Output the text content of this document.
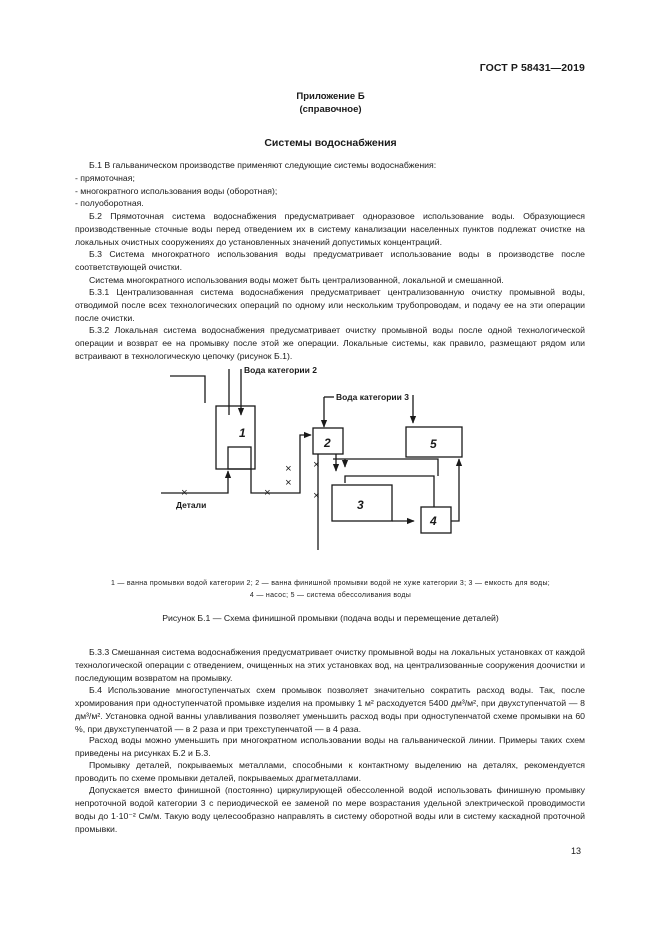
ГОСТ Р 58431—2019
Приложение Б
(справочное)
Системы водоснабжения

Б.1 В гальваническом производстве применяют следующие системы водоснабжения:

- прямоточная;

- многократного использования воды (оборотная);

- полуоборотная.

Б.2 Прямоточная система водоснабжения предусматривает одноразовое использование воды. Образующиеся производственные сточные воды перед отведением их в систему канализации населенных пунктов подлежат очистке на локальных очистных сооружениях до установленных значений допустимых концентраций.

Б.3 Система многократного использования воды предусматривает использование воды в производстве после соответствующей очистки.

Система многократного использования воды может быть централизованной, локальной и смешанной.

Б.3.1 Централизованная система водоснабжения предусматривает централизованную очистку промывной воды, отводимой после всех технологических операций по одному или нескольким трубопроводам, и подачу ее на эти операции после очистки.

Б.3.2 Локальная система водоснабжения предусматривает очистку промывной воды после одной технологической операции и возврат ее на промывку после этой же операции. Локальные системы, как правило, размещают рядом или встраивают в технологическую цепочку (рисунок Б.1).

×
×
×
×
×
×
Вода категории 2
Вода категории 3
Детали
1
2
3
4
5
1 — ванна промывки водой категории 2; 2 — ванна финишной промывки водой не хуже категории 3; 3 — емкость для воды;
4 — насос; 5 — система обессоливания воды
Рисунок Б.1 — Схема финишной промывки (подача воды и перемещение деталей)

Б.3.3 Смешанная система водоснабжения предусматривает очистку промывной воды на локальных установках от каждой технологической операции с отведением, очищенных на этих установках вод, на централизованные сооружения доочистки и последующим возвратом на промывку.

Б.4 Использование многоступенчатых схем промывок позволяет значительно сократить расход воды. Так, после хромирования при одноступенчатой промывке изделия на промывку 1 м² расходуется 5400 дм³/м², при двухступенчатой — 8 дм³/м². Установка одной ванны улавливания позволяет уменьшить расход воды при одноступенчатой схеме промывки на 60 %, при двухступенчатой — в 2 раза и при трехступенчатой — в 4 раза.

Расход воды можно уменьшить при многократном использовании воды на гальванической линии. Примеры таких схем приведены на рисунках Б.2 и Б.3.

Промывку деталей, покрываемых металлами, способными к контактному выделению на деталях, рекомендуется проводить по схеме промывки деталей, покрываемых драгметаллами.

Допускается вместо финишной (постоянно) циркулирующей обессоленной водой использовать финишную промывку непроточной водой категории 3 с периодической ее заменой по мере возрастания удельной электрической проводимости воды до 1·10⁻² См/м. Такую воду целесообразно направлять в систему оборотной воды или в систему каскадной проточной промывки.

13
